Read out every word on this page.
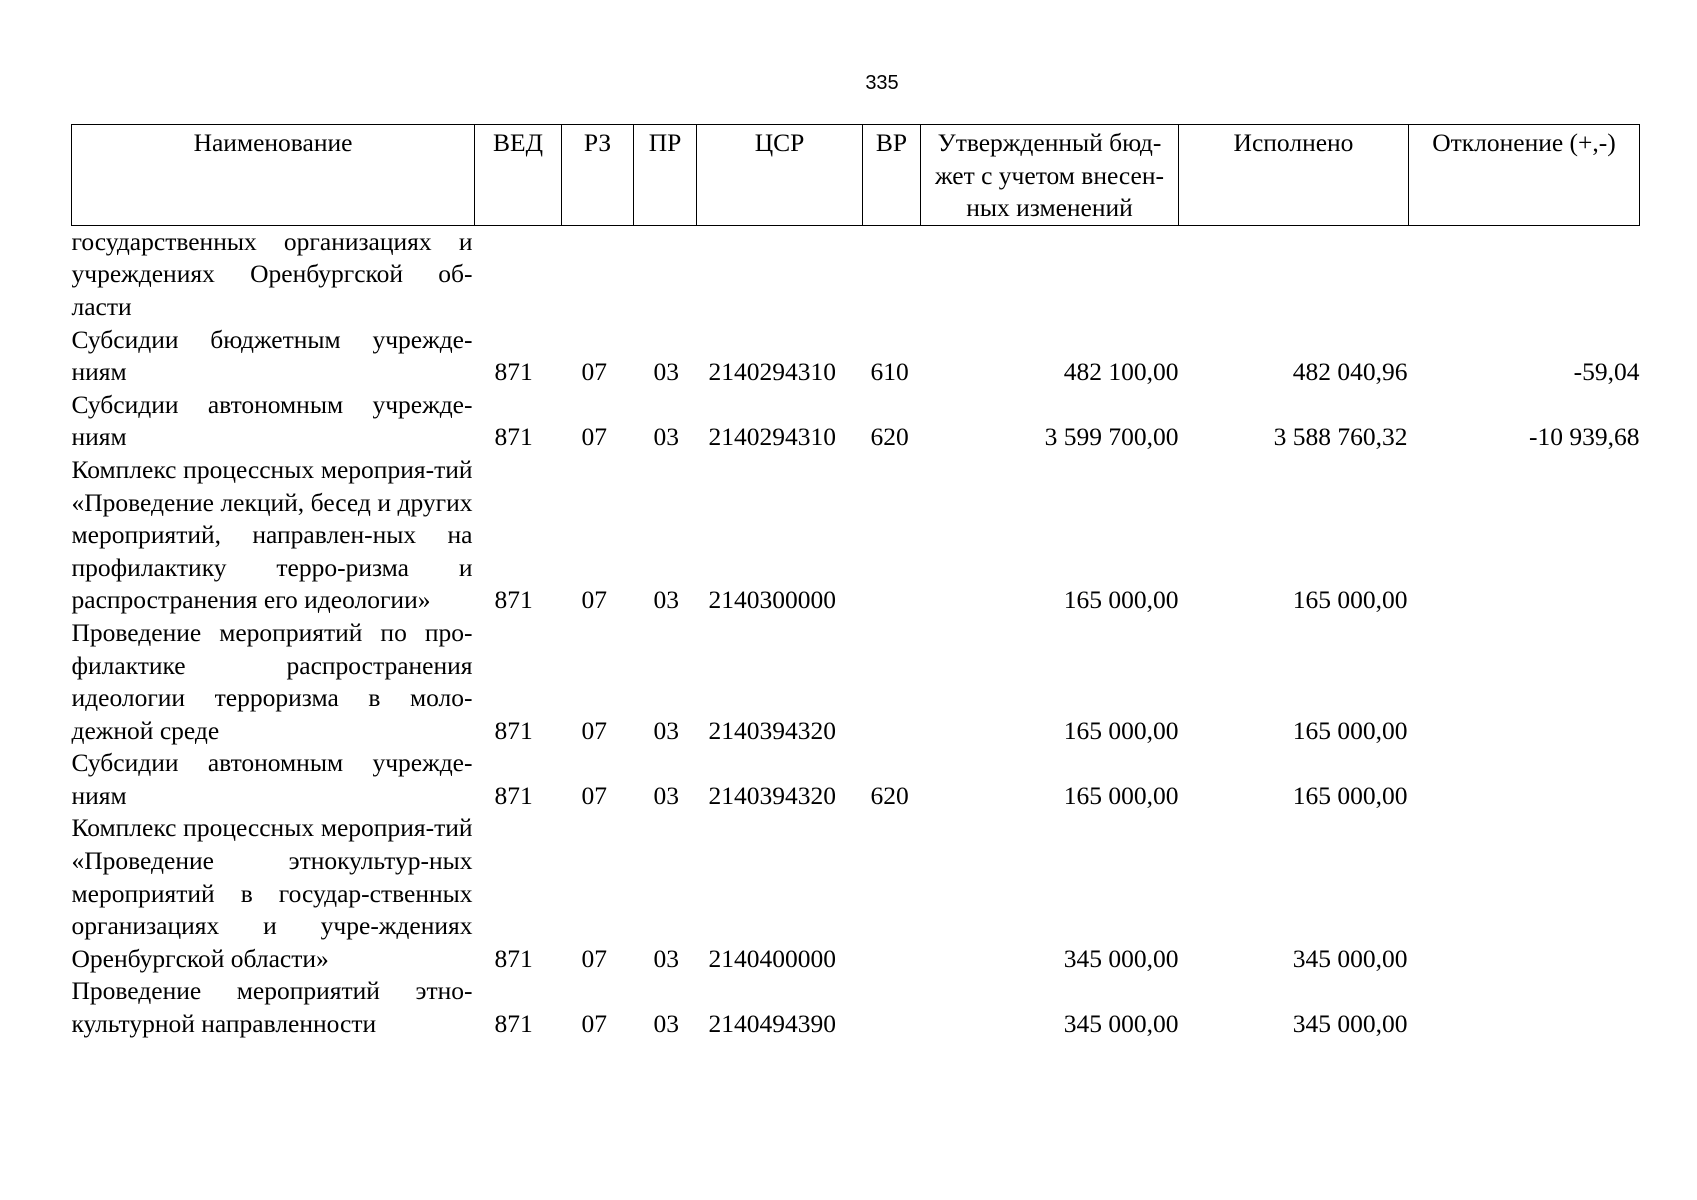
335
Наименование	ВЕД	РЗ	ПР	ЦСР	ВР	Утвержденный бюд-жет с учетом внесен-ных изменений	Исполнено	Отклонение (+,-)
государственных организациях и учреждениях Оренбургской об-ласти								
Субсидии бюджетным учрежде-ниям	871	07	03	2140294310	610	482 100,00	482 040,96	-59,04
Субсидии автономным учрежде-ниям	871	07	03	2140294310	620	3 599 700,00	3 588 760,32	-10 939,68
Комплекс процессных мероприя-тий «Проведение лекций, бесед и других мероприятий, направлен-ных на профилактику терро-ризма и распространения его идеологии»	871	07	03	2140300000		165 000,00	165 000,00	
Проведение мероприятий по про-филактике распространения идеологии терроризма в моло-дежной среде	871	07	03	2140394320		165 000,00	165 000,00	
Субсидии автономным учрежде-ниям	871	07	03	2140394320	620	165 000,00	165 000,00	
Комплекс процессных мероприя-тий «Проведение этнокультур-ных мероприятий в государ-ственных организациях и учре-ждениях Оренбургской области»	871	07	03	2140400000		345 000,00	345 000,00	
Проведение мероприятий этно-культурной направленности	871	07	03	2140494390		345 000,00	345 000,00	
